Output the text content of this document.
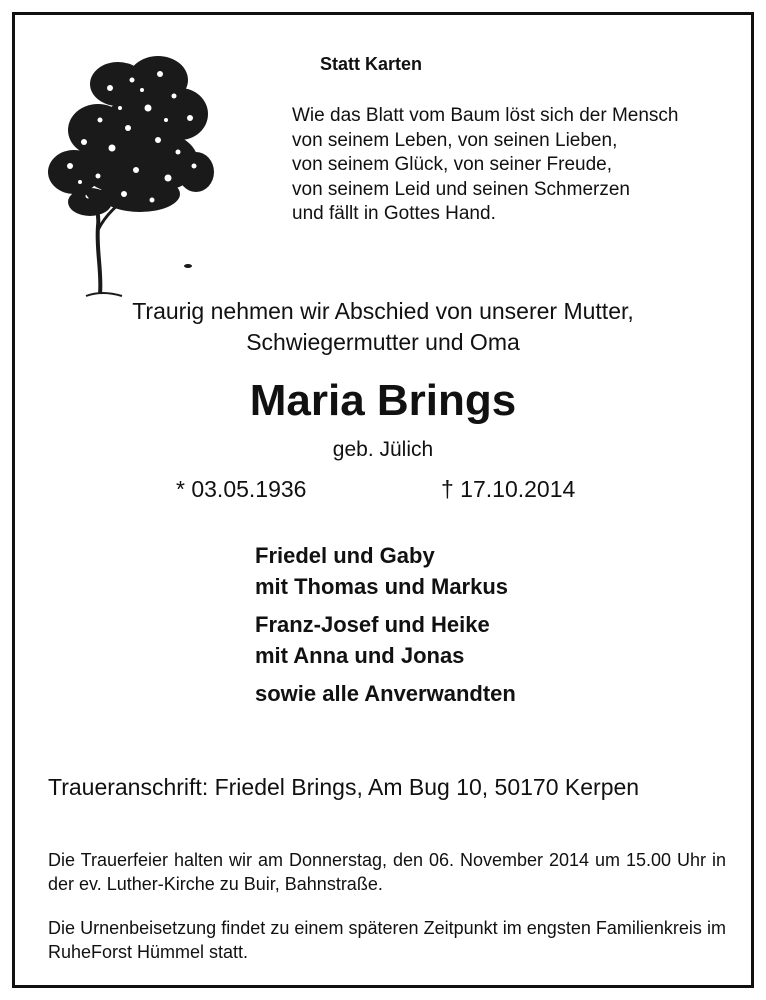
Statt Karten
Wie das Blatt vom Baum löst sich der Mensch
von seinem Leben, von seinen Lieben,
von seinem Glück, von seiner Freude,
von seinem Leid und seinen Schmerzen
und fällt in Gottes Hand.
Traurig nehmen wir Abschied von unserer Mutter,
Schwiegermutter und Oma
Maria Brings
geb. Jülich
* 03.05.1936	† 17.10.2014
Friedel und Gaby
mit Thomas und Markus
Franz-Josef und Heike
mit Anna und Jonas
sowie alle Anverwandten
Traueranschrift: Friedel Brings, Am Bug 10, 50170 Kerpen
Die Trauerfeier halten wir am Donnerstag, den 06. November 2014 um 15.00 Uhr in der ev. Luther-Kirche zu Buir, Bahnstraße.
Die Urnenbeisetzung findet zu einem späteren Zeitpunkt im engsten Familienkreis im RuheForst Hümmel statt.
